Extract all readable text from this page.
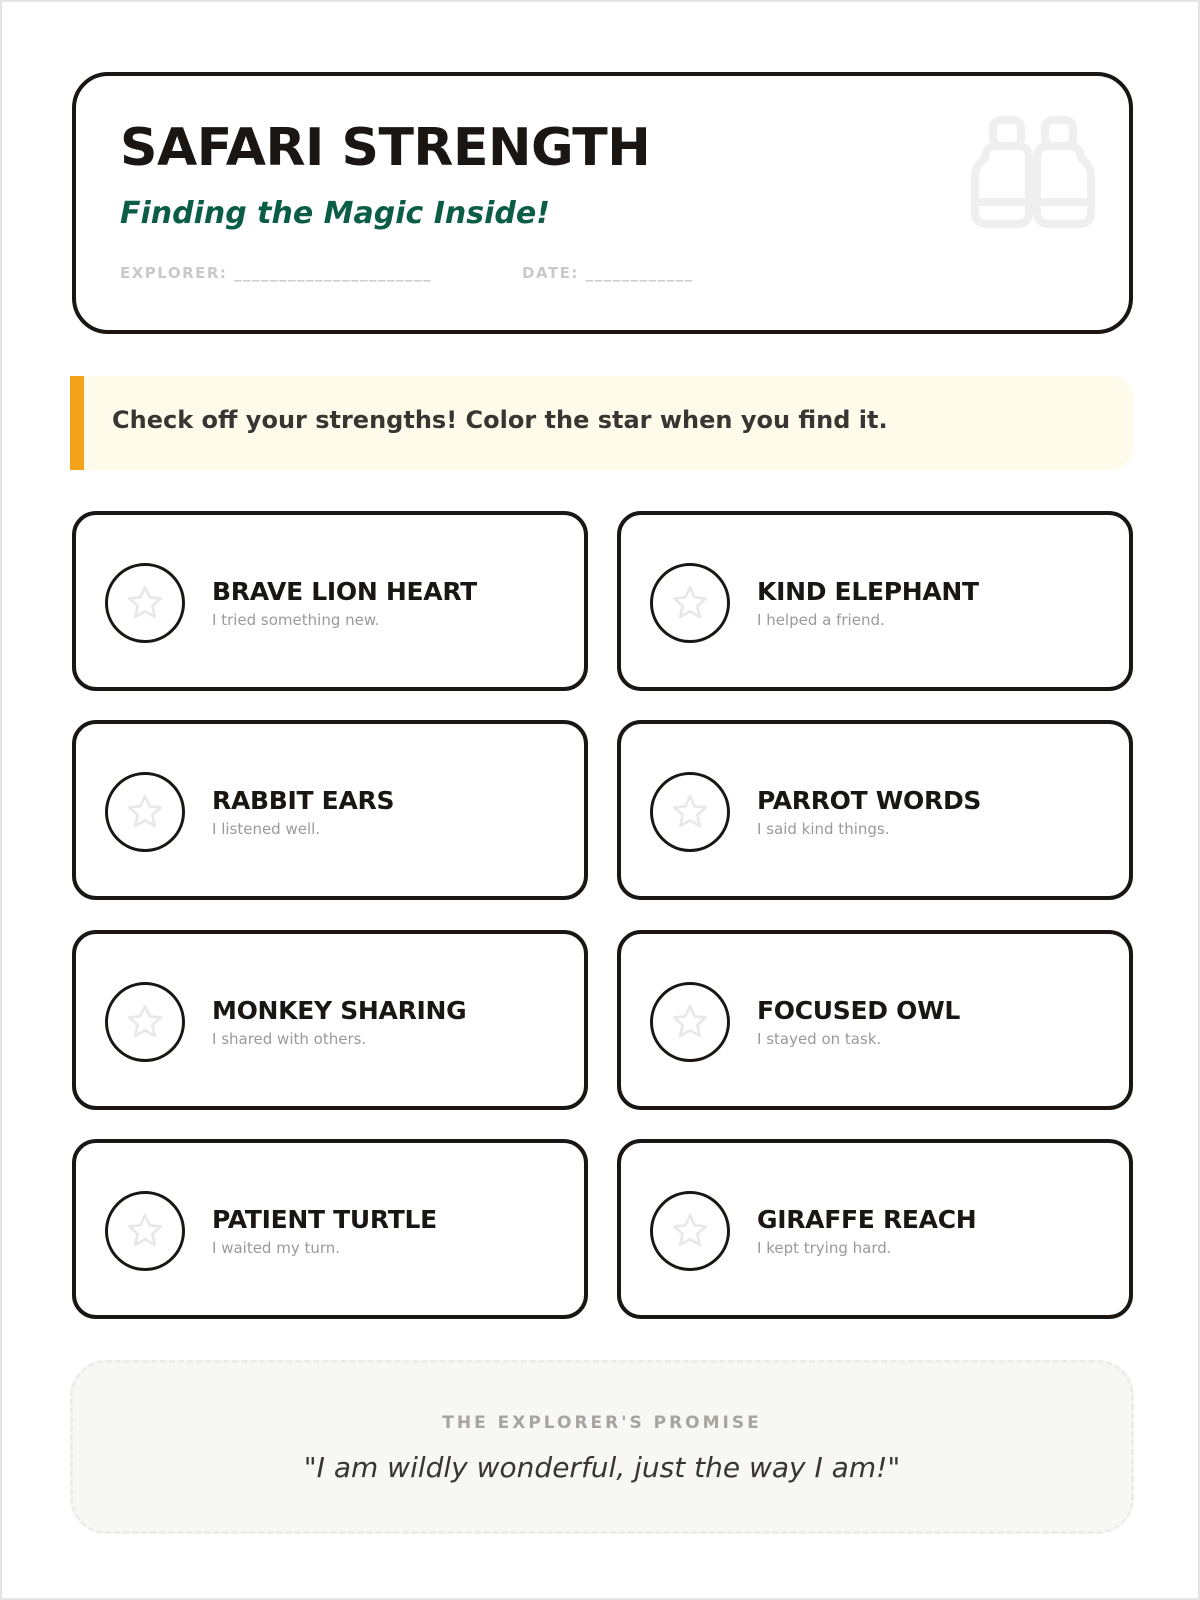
SAFARI STRENGTH
Finding the Magic Inside!
EXPLORER: ______________________	DATE: ____________
Check off your strengths! Color the star when you find it.
BRAVE LION HEART
I tried something new.
KIND ELEPHANT
I helped a friend.
RABBIT EARS
I listened well.
PARROT WORDS
I said kind things.
MONKEY SHARING
I shared with others.
FOCUSED OWL
I stayed on task.
PATIENT TURTLE
I waited my turn.
GIRAFFE REACH
I kept trying hard.
THE EXPLORER'S PROMISE
"I am wildly wonderful, just the way I am!"
